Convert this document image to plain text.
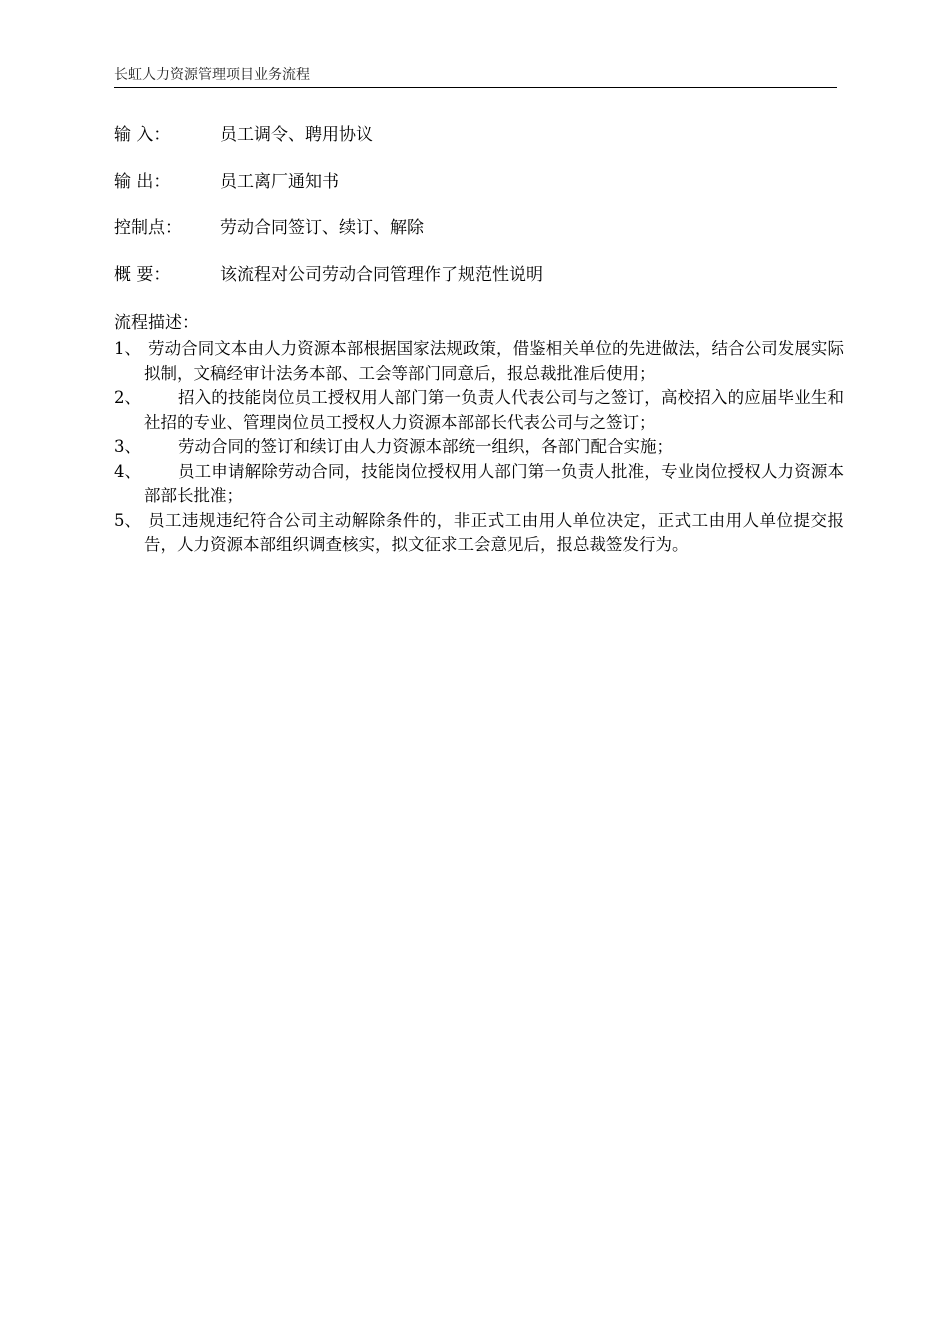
长虹人力资源管理项目业务流程
输 入：	员工调令、聘用协议
输 出：	员工离厂通知书
控制点： 劳动合同签订、续订、解除
概 要：	该流程对公司劳动合同管理作了规范性说明
流程描述：
1、 劳动合同文本由人力资源本部根据国家法规政策，借鉴相关单位的先进做法，结合公司发展实际拟制，文稿经审计法务本部、工会等部门同意后，报总裁批准后使用；
2、	招入的技能岗位员工授权用人部门第一负责人代表公司与之签订，高校招入的应届毕业生和社招的专业、管理岗位员工授权人力资源本部部长代表公司与之签订；
3、	劳动合同的签订和续订由人力资源本部统一组织，各部门配合实施；
4、	员工申请解除劳动合同，技能岗位授权用人部门第一负责人批准，专业岗位授权人力资源本部部长批准；
5、 员工违规违纪符合公司主动解除条件的，非正式工由用人单位决定，正式工由用人单位提交报告，人力资源本部组织调查核实，拟文征求工会意见后，报总裁签发行为。
